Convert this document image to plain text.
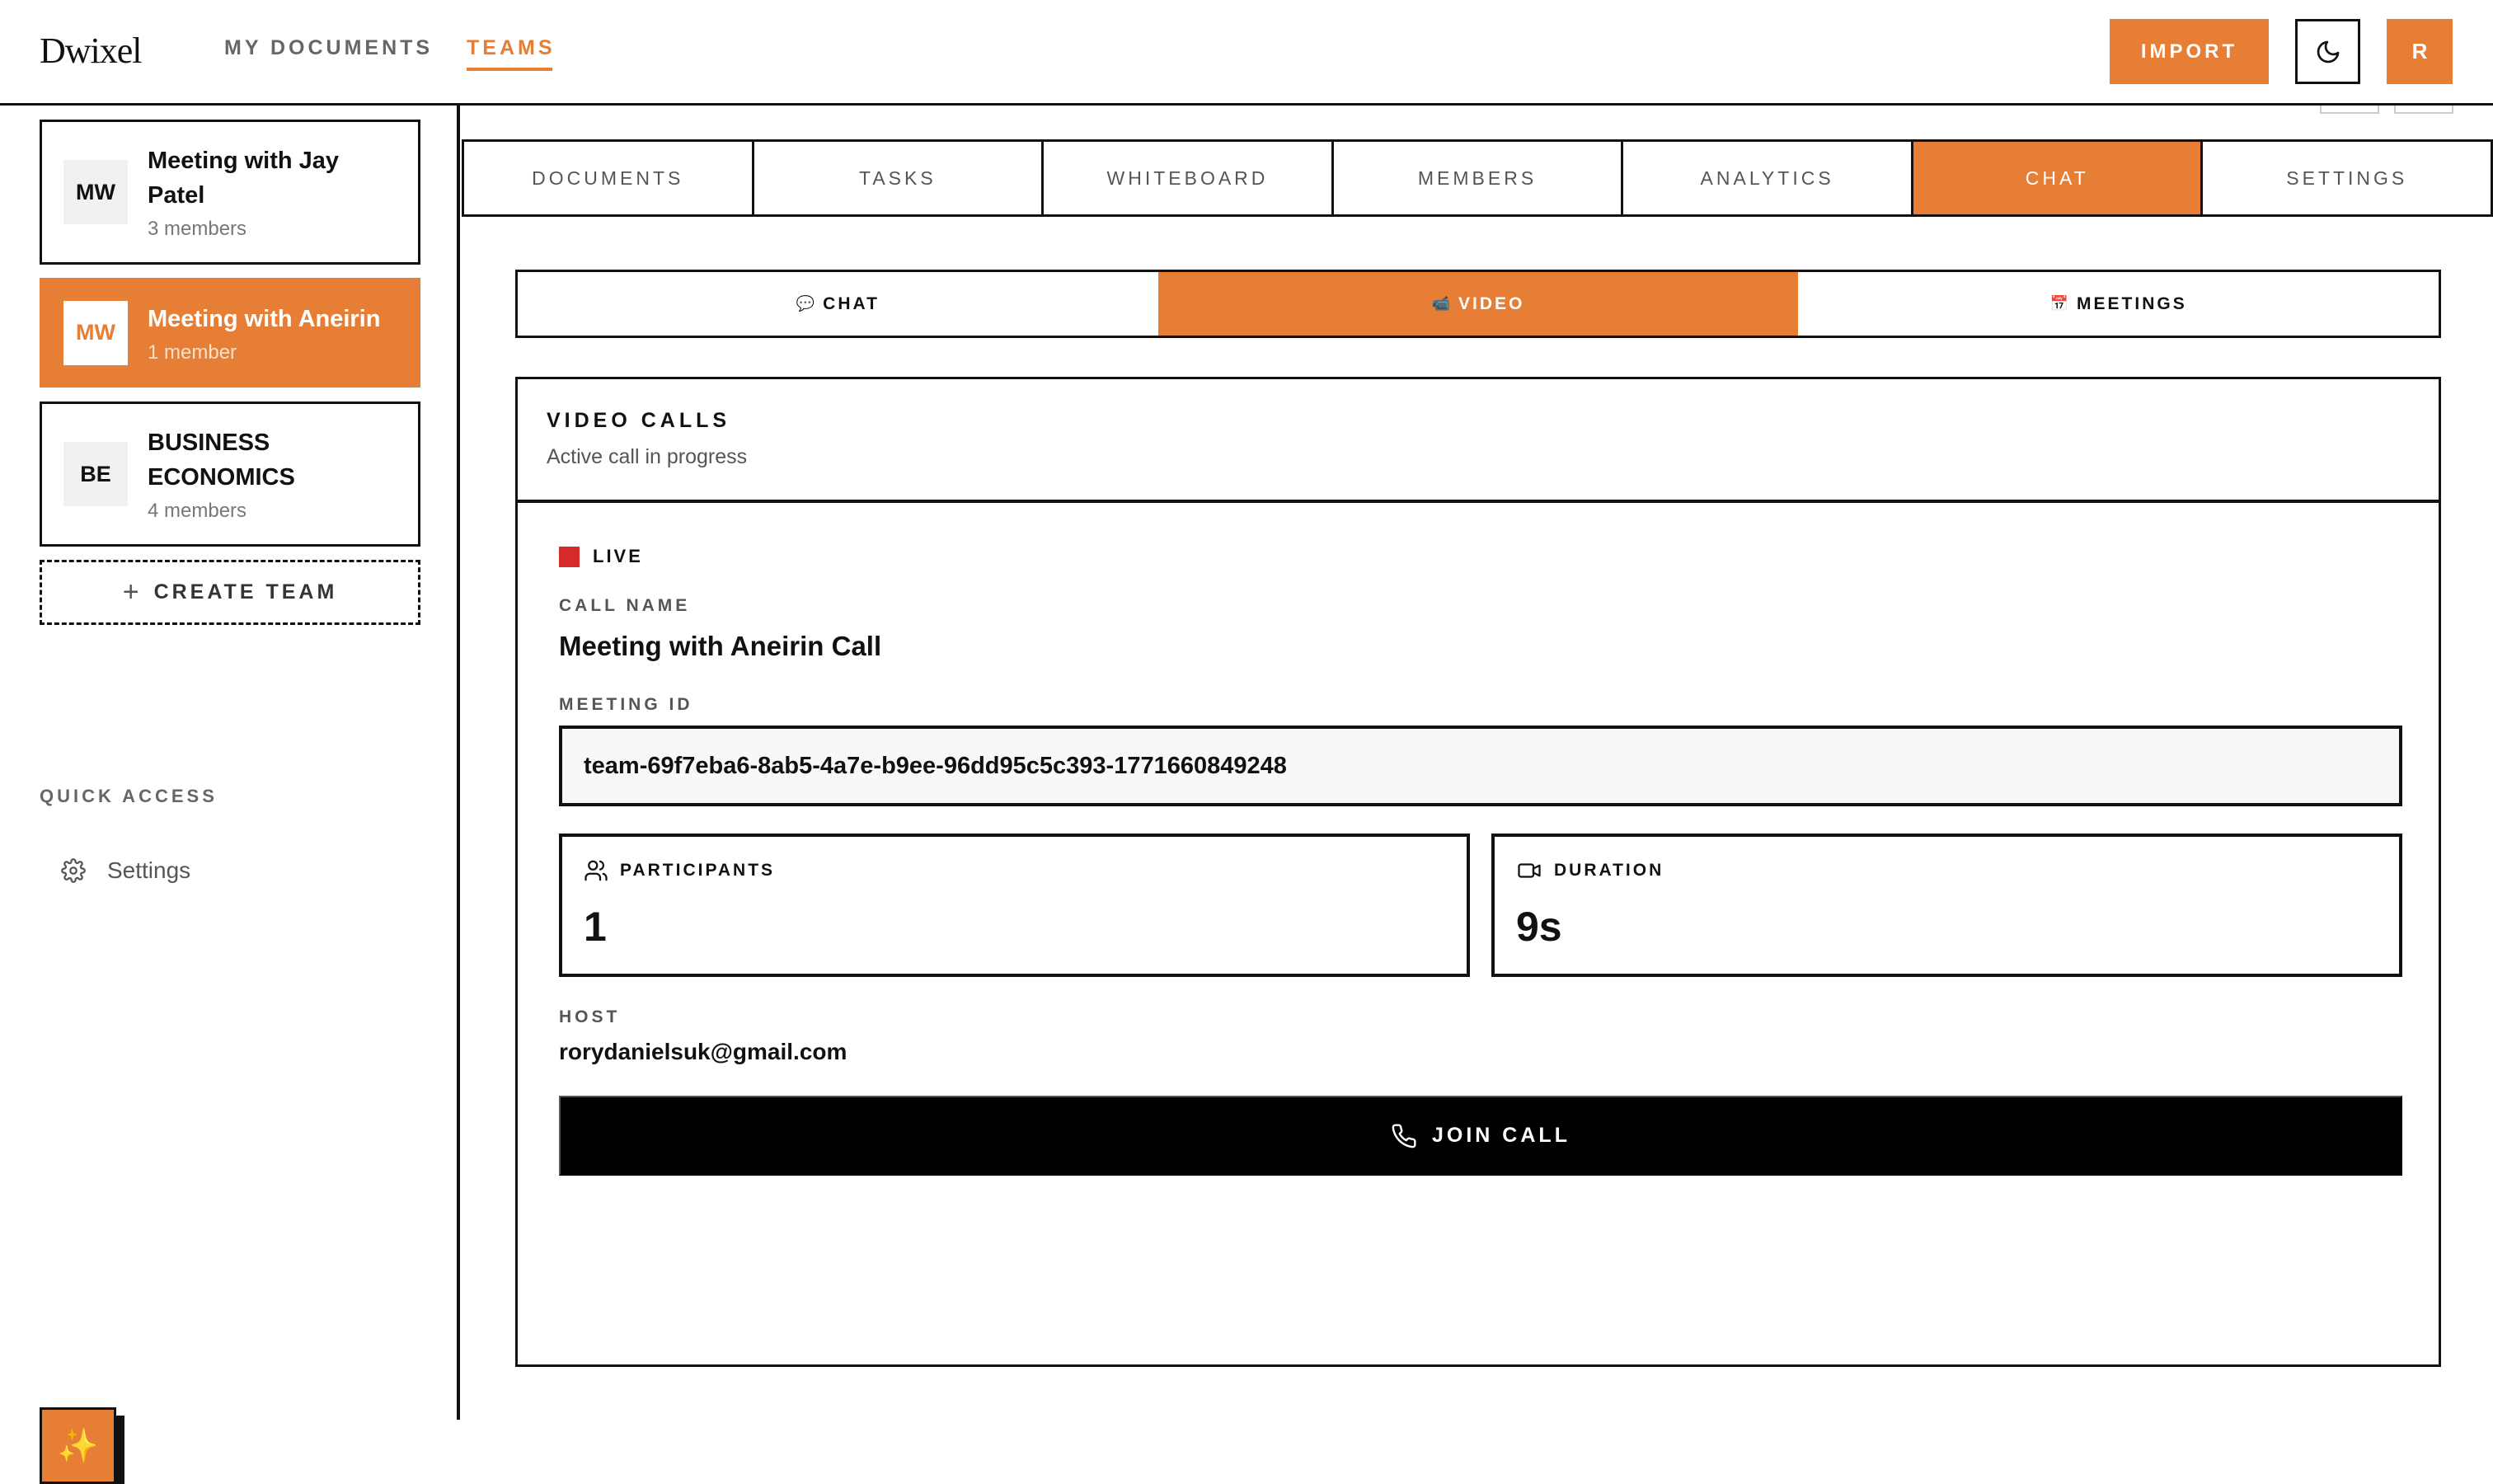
Dwixel	MY DOCUMENTS TEAMS	IMPORT	R
MW
Meeting with Jay
Patel
3 members
MW
Meeting with Aneirin
1 member
BE
BUSINESS
ECONOMICS
4 members
+ CREATE TEAM
QUICK ACCESS
Settings
✨
DOCUMENTS	TASKS	WHITEBOARD	MEMBERS	ANALYTICS	CHAT	SETTINGS
💬 CHAT	📹 VIDEO	📅 MEETINGS
VIDEO CALLS
Active call in progress
LIVE
CALL NAME
Meeting with Aneirin Call
MEETING ID
team-69f7eba6-8ab5-4a7e-b9ee-96dd95c5c393-1771660849248
PARTICIPANTS
1
DURATION
9s
HOST
rorydanielsuk@gmail.com
JOIN CALL
